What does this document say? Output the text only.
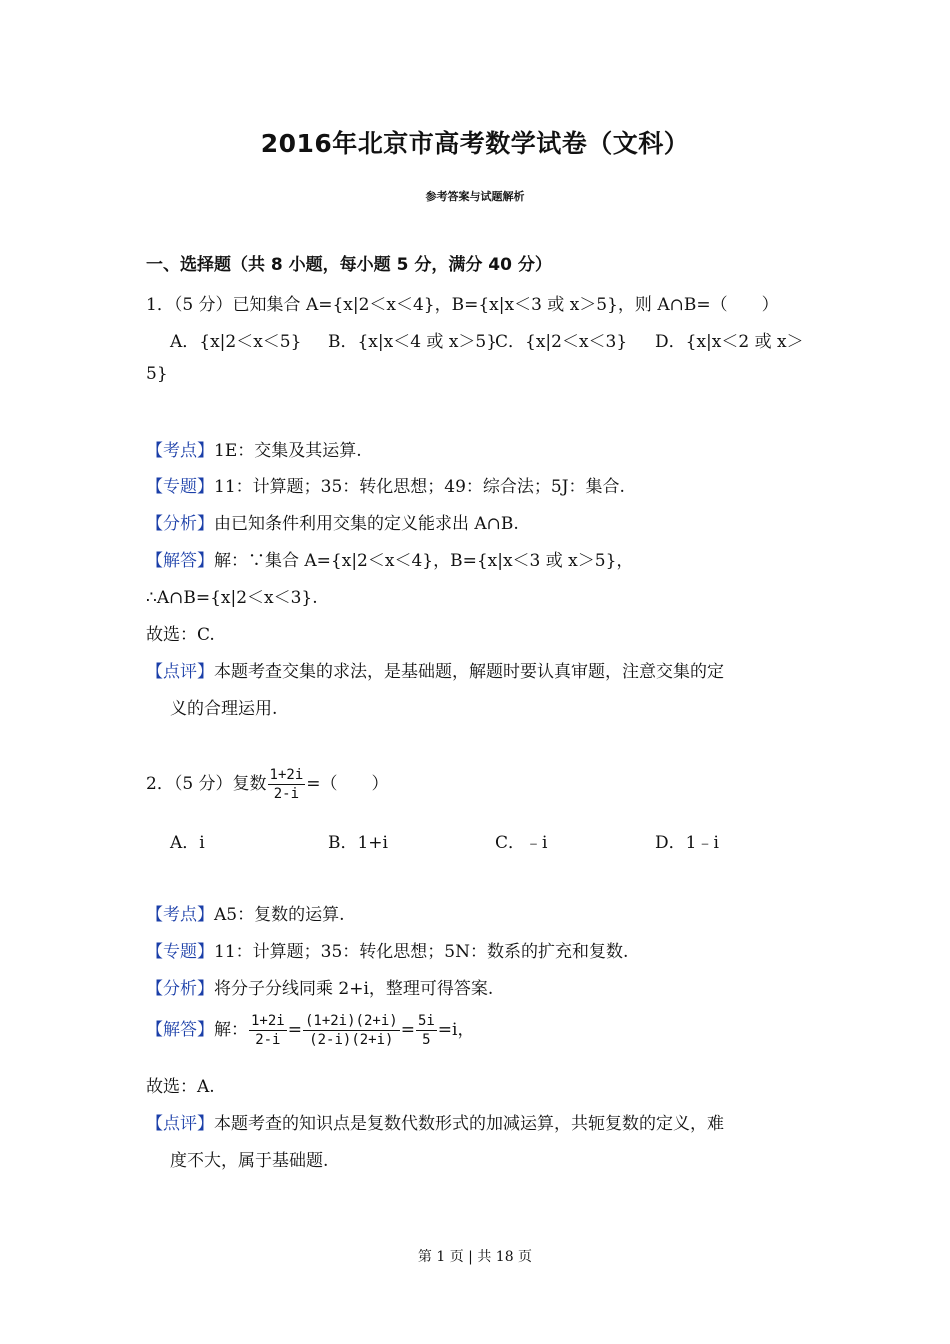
2016年北京市高考数学试卷（文科）
参考答案与试题解析
一、选择题（共 8 小题，每小题 5 分，满分 40 分）
1．（5 分）已知集合 A={x|2＜x＜4}，B={x|x＜3 或 x＞5}，则 A∩B=（　　）
A．{x|2＜x＜5} B．{x|x＜4 或 x＞5}
C．{x|2＜x＜3} D．{x|x＜2 或 x＞
5}
【考点】1E：交集及其运算.
【专题】11：计算题；35：转化思想；49：综合法；5J：集合.
【分析】由已知条件利用交集的定义能求出 A∩B.
【解答】解：∵集合 A={x|2＜x＜4}，B={x|x＜3 或 x＞5}，
∴A∩B={x|2＜x＜3}.
故选：C.
【点评】本题考查交集的求法，是基础题，解题时要认真审题，注意交集的定
义的合理运用.
2．（5 分）复数 $\frac{1+2i}{2-i}$ =（　　）
A．i	B．1+i	C．﹣i	D．1﹣i
【考点】A5：复数的运算.
【专题】11：计算题；35：转化思想；5N：数系的扩充和复数.
【分析】将分子分线同乘 2+i，整理可得答案.
【解答】解： $\frac{1+2i}{2-i} = \frac{(1+2i)(2+i)}{(2-i)(2+i)} = \frac{5i}{5} =i$，
故选：A.
【点评】本题考查的知识点是复数代数形式的加减运算，共轭复数的定义，难
度不大，属于基础题.
第 1 页 | 共 18 页
